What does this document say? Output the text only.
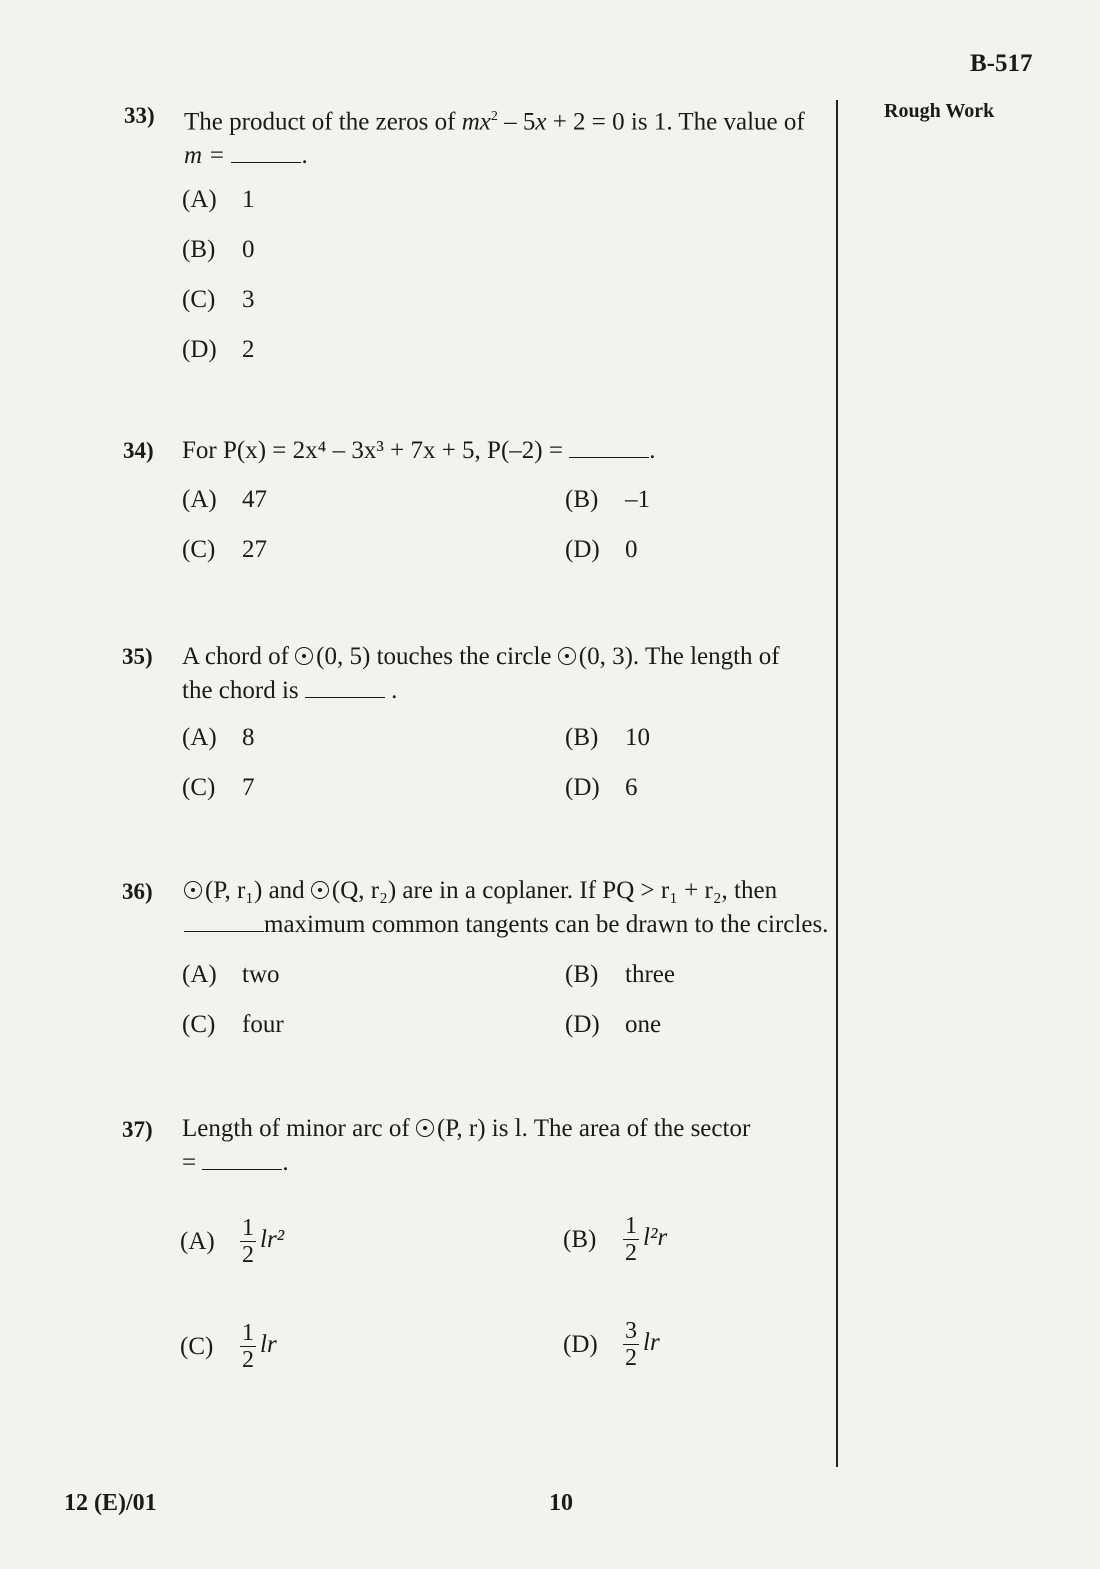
B-517
Rough Work
33) The product of the zeros of $mx^2 - 5x + 2 = 0$ is 1. The value of
m =	.
(A) 1
(B) 0
(C) 3
(D) 2
34) For P(x) = 2x⁴ – 3x³ + 7x + 5, P(–2) =	.
(A) 47	(B) –1
(C) 27	(D) 0
35) A chord of (0, 5) touches the circle (0, 3). The length of
the chord is	.
(A) 8	(B) 10
(C) 7	(D) 6
36)	(P, r₁) and (Q, r₂) are in a coplaner. If PQ > r₁ + r₂, then
maximum common tangents can be drawn to the circles.
(A) two	(B) three
(C) four	(D) one
37) Length of minor arc of (P, r) is l. The area of the sector
=	.
$(A) \frac{1}{2} lr^2$	$(B) \frac{1}{2} l^2r$
$(C) \frac{1}{2}$ lr	$(D) \frac{3}{2}$ lr
12 (E)/01	10
